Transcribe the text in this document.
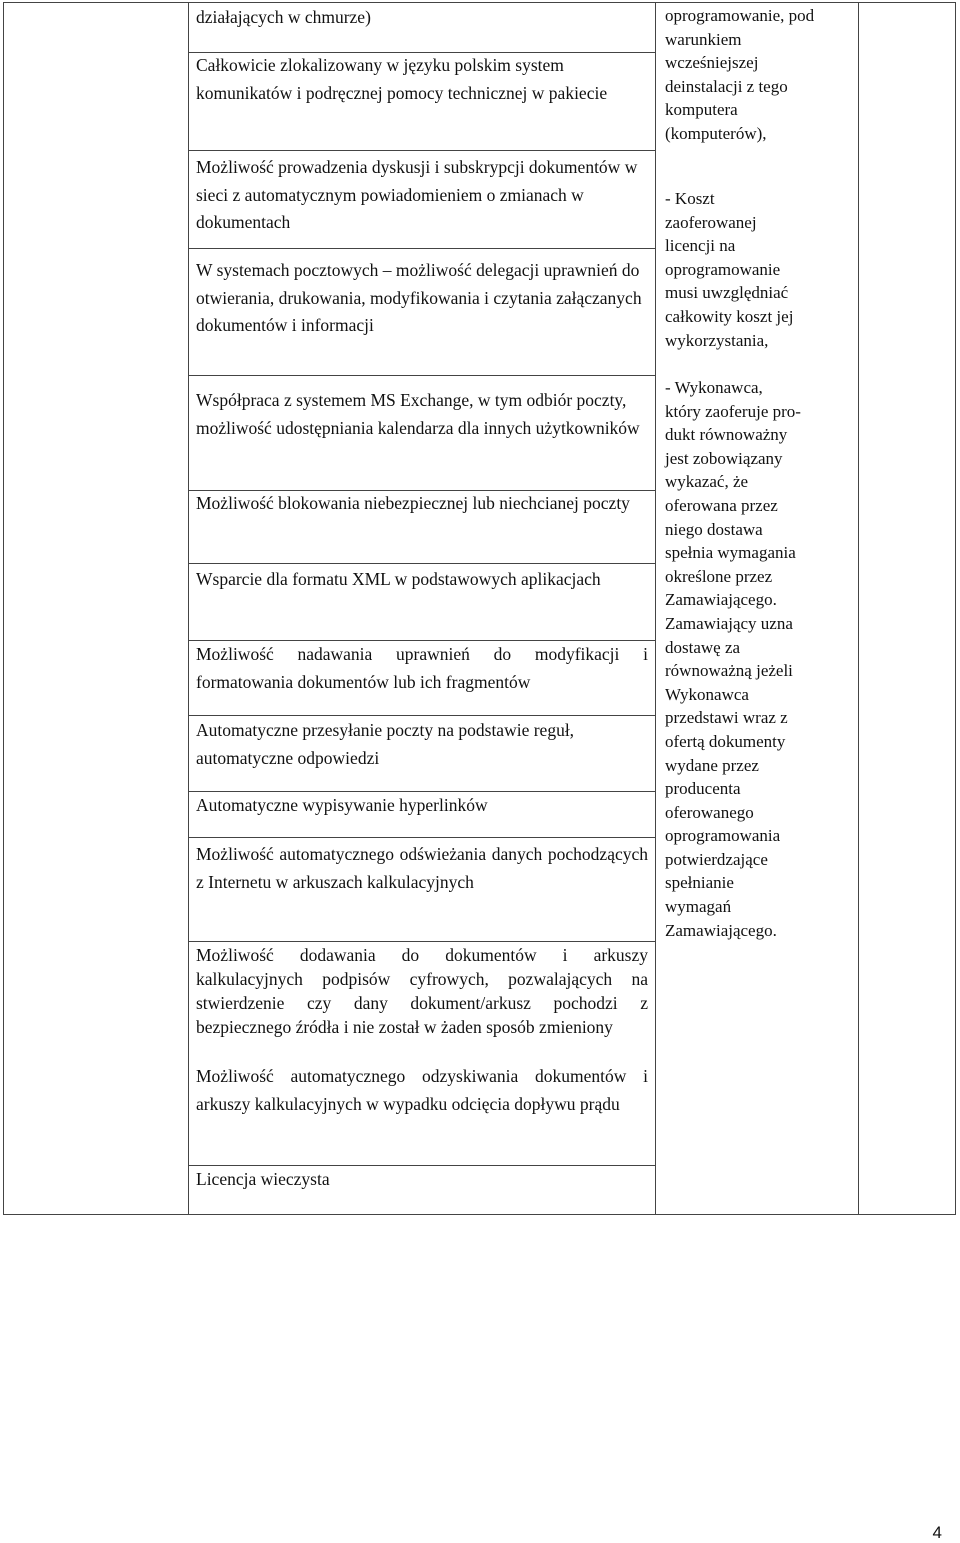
działających w chmurze)
Całkowicie zlokalizowany w języku polskim system komunikatów i podręcznej pomocy technicznej w pakiecie
Możliwość prowadzenia dyskusji i subskrypcji dokumentów w sieci z automatycznym powiadomieniem o zmianach w dokumentach
W systemach pocztowych – możliwość delegacji uprawnień do otwierania, drukowania, modyfikowania i czytania załączanych dokumentów i informacji
Współpraca z systemem MS Exchange, w tym odbiór poczty, możliwość udostępniania kalendarza dla innych użytkowników
Możliwość blokowania niebezpiecznej lub niechcianej poczty
Wsparcie dla formatu XML w podstawowych aplikacjach
Możliwość nadawania uprawnień do modyfikacji i formatowania dokumentów lub ich fragmentów
Automatyczne przesyłanie poczty na podstawie reguł, automatyczne odpowiedzi
Automatyczne wypisywanie hyperlinków
Możliwość automatycznego odświeżania danych pochodzących z Internetu w arkuszach kalkulacyjnych
Możliwość dodawania do dokumentów i arkuszy kalkulacyjnych podpisów cyfrowych, pozwalających na stwierdzenie czy dany dokument/arkusz pochodzi z bezpiecznego źródła i nie został w żaden sposób zmieniony
Możliwość automatycznego odzyskiwania dokumentów i arkuszy kalkulacyjnych w wypadku odcięcia dopływu prądu
Licencja wieczysta

oprogramowanie, pod
warunkiem
wcześniejszej
deinstalacji z tego
komputera
(komputerów),

- Koszt
zaoferowanej
licencji na
oprogramowanie
musi uwzględniać
całkowity koszt jej
wykorzystania,

- Wykonawca,
który zaoferuje pro-
dukt równoważny
jest zobowiązany
wykazać, że
oferowana przez
niego dostawa
spełnia wymagania
określone przez
Zamawiającego.
Zamawiający uzna
dostawę za
równoważną jeżeli
Wykonawca
przedstawi wraz z
ofertą dokumenty
wydane przez
producenta
oferowanego
oprogramowania
potwierdzające
spełnianie
wymagań
Zamawiającego.

4
